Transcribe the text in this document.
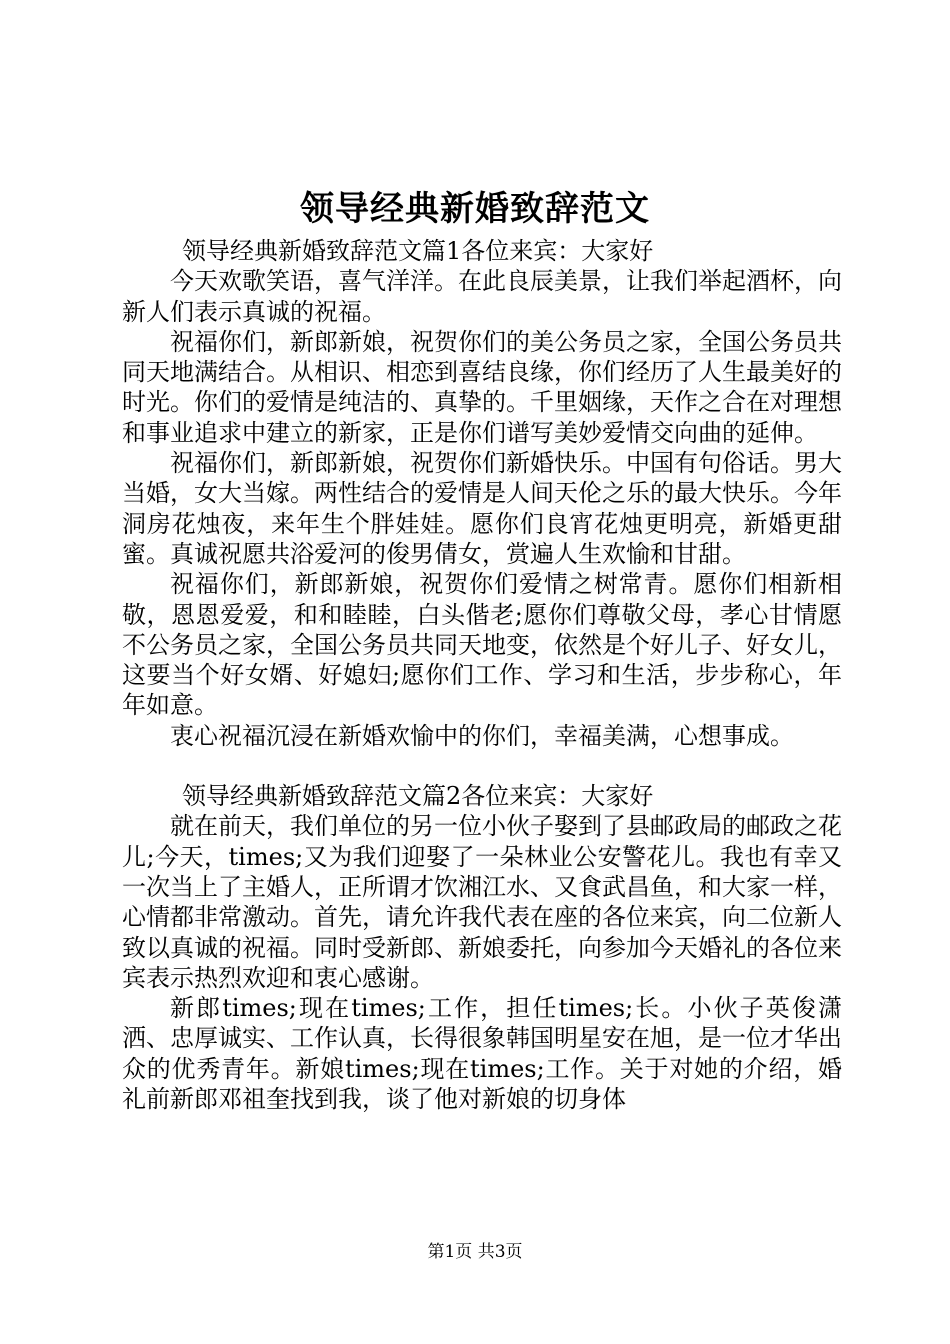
领导经典新婚致辞范文

领导经典新婚致辞范文篇1各位来宾：大家好

今天欢歌笑语，喜气洋洋。在此良辰美景，让我们举起酒杯，向新人们表示真诚的祝福。

祝福你们，新郎新娘，祝贺你们的美公务员之家，全国公务员共同天地满结合。从相识、相恋到喜结良缘，你们经历了人生最美好的时光。你们的爱情是纯洁的、真挚的。千里姻缘，天作之合在对理想和事业追求中建立的新家，正是你们谱写美妙爱情交向曲的延伸。

祝福你们，新郎新娘，祝贺你们新婚快乐。中国有句俗话。男大当婚，女大当嫁。两性结合的爱情是人间天伦之乐的最大快乐。今年洞房花烛夜，来年生个胖娃娃。愿你们良宵花烛更明亮，新婚更甜蜜。真诚祝愿共浴爱河的俊男倩女，赏遍人生欢愉和甘甜。

祝福你们，新郎新娘，祝贺你们爱情之树常青。愿你们相新相敬，恩恩爱爱，和和睦睦，白头偕老;愿你们尊敬父母，孝心甘情愿不公务员之家，全国公务员共同天地变，依然是个好儿子、好女儿，这要当个好女婿、好媳妇;愿你们工作、学习和生活，步步称心，年年如意。

衷心祝福沉浸在新婚欢愉中的你们，幸福美满，心想事成。

领导经典新婚致辞范文篇2各位来宾：大家好

就在前天，我们单位的另一位小伙子娶到了县邮政局的邮政之花儿;今天，times;又为我们迎娶了一朵林业公安警花儿。我也有幸又一次当上了主婚人，正所谓才饮湘江水、又食武昌鱼，和大家一样，心情都非常激动。首先，请允许我代表在座的各位来宾，向二位新人致以真诚的祝福。同时受新郎、新娘委托，向参加今天婚礼的各位来宾表示热烈欢迎和衷心感谢。

新郎times;现在times;工作，担任times;长。小伙子英俊潇洒、忠厚诚实、工作认真，长得很象韩国明星安在旭，是一位才华出众的优秀青年。新娘times;现在times;工作。关于对她的介绍，婚礼前新郎邓祖奎找到我，谈了他对新娘的切身体

第1页 共3页
